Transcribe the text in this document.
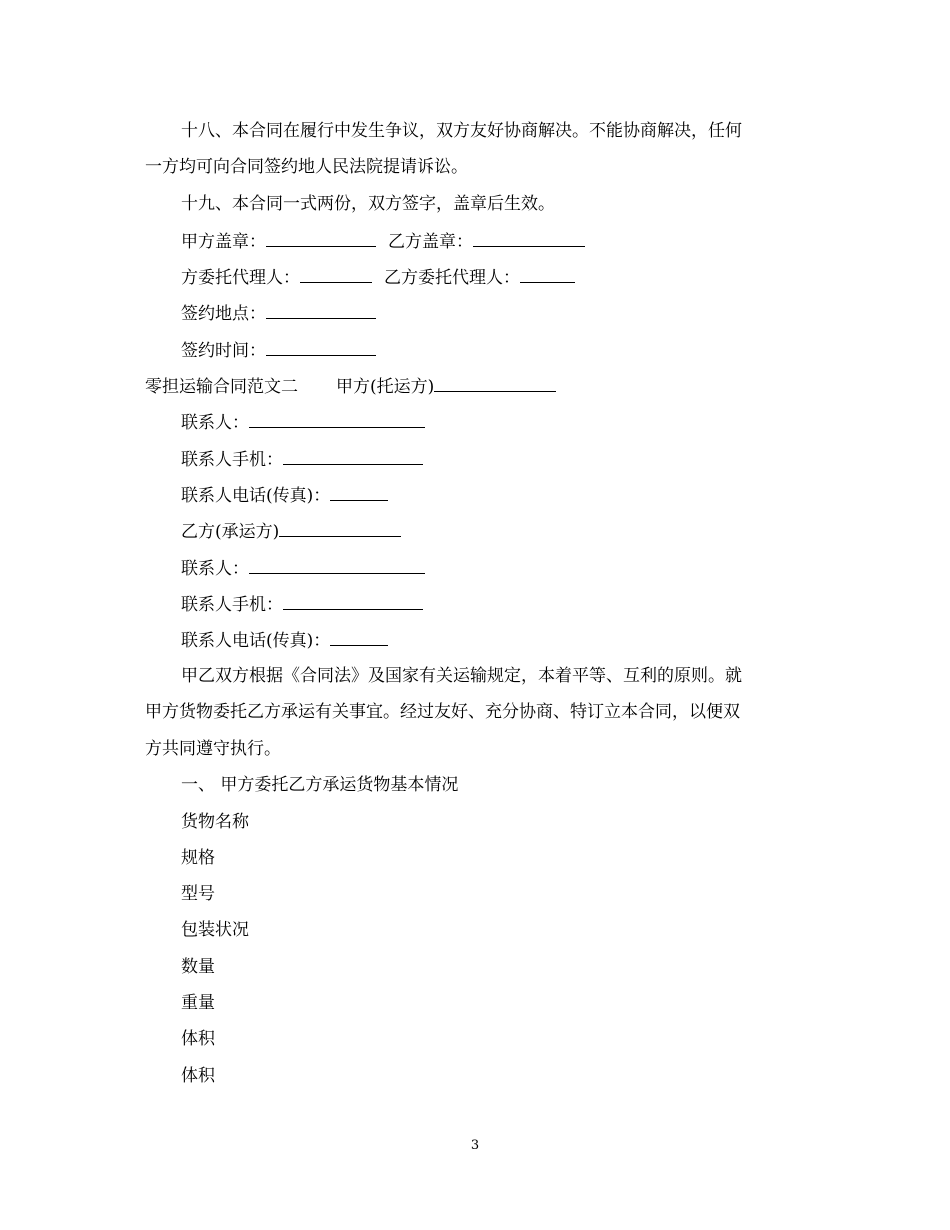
十八、本合同在履行中发生争议，双方友好协商解决。不能协商解决，任何
一方均可向合同签约地人民法院提请诉讼。
十九、本合同一式两份，双方签字，盖章后生效。
甲方盖章：	乙方盖章：
方委托代理人：	乙方委托代理人：
签约地点：
签约时间：
零担运输合同范文二 甲方(托运方)
联系人：
联系人手机：
联系人电话(传真)：
乙方(承运方)
联系人：
联系人手机：
联系人电话(传真)：
甲乙双方根据《合同法》及国家有关运输规定，本着平等、互利的原则。就
甲方货物委托乙方承运有关事宜。经过友好、充分协商、特订立本合同，以便双
方共同遵守执行。
一、 甲方委托乙方承运货物基本情况
货物名称
规格
型号
包装状况
数量
重量
体积
体积
3
